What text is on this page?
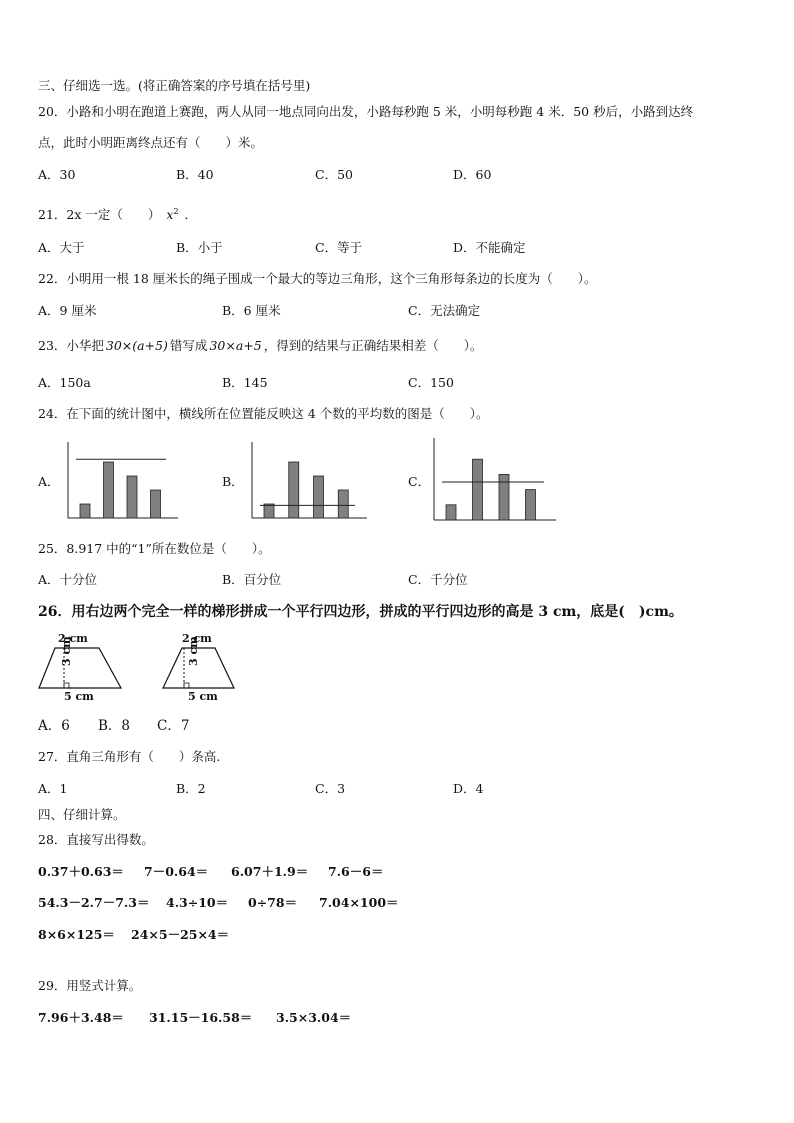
三、仔细选一选。(将正确答案的序号填在括号里)
20．小路和小明在跑道上赛跑，两人从同一地点同向出发，小路每秒跑 5 米，小明每秒跑 4 米．50 秒后，小路到达终
点，此时小明距离终点还有（　　）米。
A．30	B．40	C．50	D．60
21．2x 一定（　　） $x^2$ ．
A．大于	B．小于	C．等于	D．不能确定
22．小明用一根 18 厘米长的绳子围成一个最大的等边三角形，这个三角形每条边的长度为（　　）。
A．9 厘米	B．6 厘米	C．无法确定
23．小华把 30×(a+5) 错写成 30×a+5 ，得到的结果与正确结果相差（　　）。
A．150a	B．145	C．150
24．在下面的统计图中，横线所在位置能反映这 4 个数的平均数的图是（　　）。
A．	B．	C．
25．8.917 中的“1”所在数位是（　　）。
A．十分位	B．百分位	C．千分位
26．用右边两个完全一样的梯形拼成一个平行四边形，拼成的平行四边形的高是 3 cm，底是(　)cm。
2 cm
3 cm
5 cm
2 cm
3 cm
5 cm
A．6 B．8 C．7
27．直角三角形有（　　）条高.
A．1	B．2	C．3	D．4
四、仔细计算。
28．直接写出得数。
0.37＋0.63＝ 7－0.64＝ 6.07＋1.9＝ 7.6－6＝
54.3－2.7－7.3＝ 4.3÷10＝ 0÷78＝ 7.04×100＝
8×6×125＝ 24×5－25×4＝
29．用竖式计算。
7.96＋3.48＝ 31.15－16.58＝ 3.5×3.04＝
